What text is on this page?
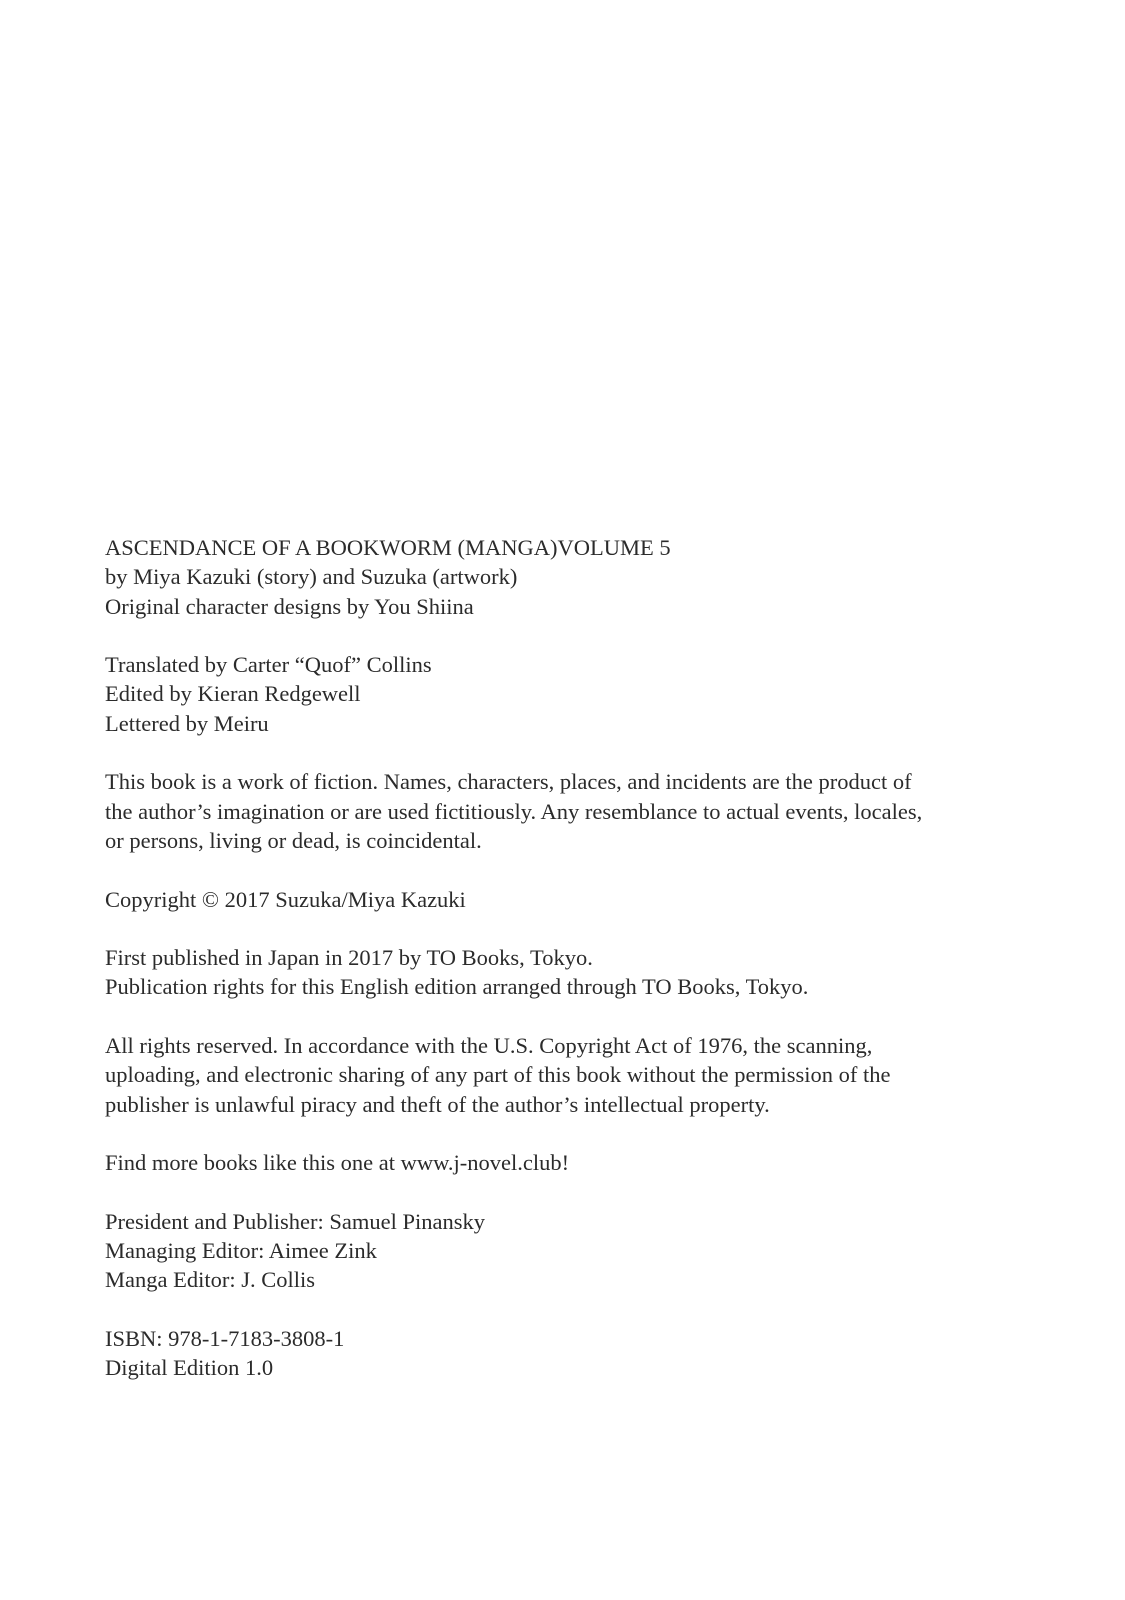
ASCENDANCE OF A BOOKWORM (MANGA)VOLUME 5
by Miya Kazuki (story) and Suzuka (artwork)
Original character designs by You Shiina
Translated by Carter “Quof” Collins
Edited by Kieran Redgewell
Lettered by Meiru
This book is a work of fiction. Names, characters, places, and incidents are the product of
the author’s imagination or are used fictitiously. Any resemblance to actual events, locales,
or persons, living or dead, is coincidental.
Copyright © 2017 Suzuka/Miya Kazuki
First published in Japan in 2017 by TO Books, Tokyo.
Publication rights for this English edition arranged through TO Books, Tokyo.
All rights reserved. In accordance with the U.S. Copyright Act of 1976, the scanning,
uploading, and electronic sharing of any part of this book without the permission of the
publisher is unlawful piracy and theft of the author’s intellectual property.
Find more books like this one at www.j-novel.club!
President and Publisher: Samuel Pinansky
Managing Editor: Aimee Zink
Manga Editor: J. Collis
ISBN: 978-1-7183-3808-1
Digital Edition 1.0
